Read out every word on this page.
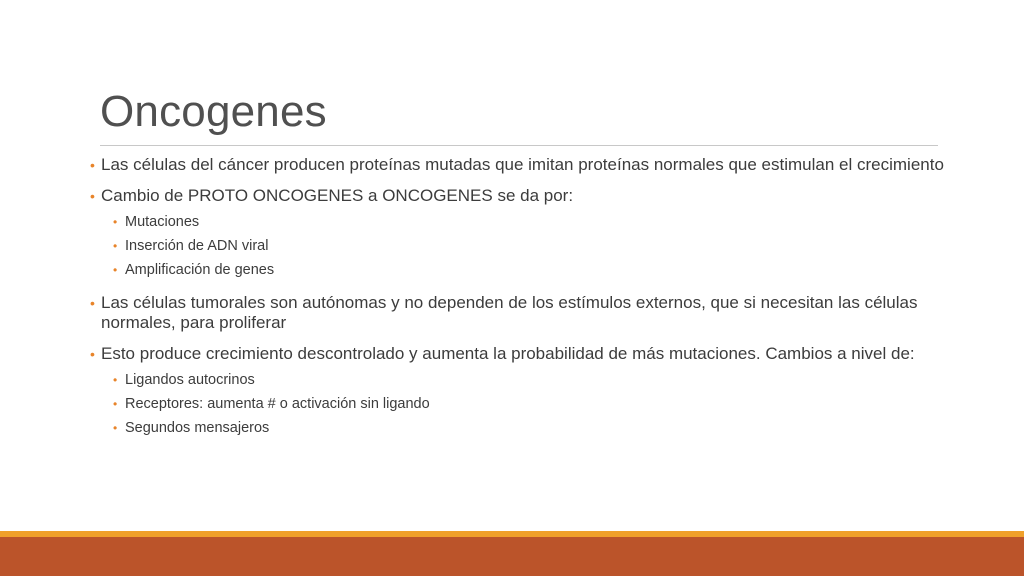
Oncogenes
• Las células del cáncer producen proteínas mutadas que imitan proteínas normales que estimulan el crecimiento
• Cambio de PROTO ONCOGENES a ONCOGENES se da por:
• Mutaciones
• Inserción de ADN viral
• Amplificación de genes
• Las células tumorales son autónomas y no dependen de los estímulos externos, que si necesitan las células normales, para proliferar
• Esto produce crecimiento descontrolado y aumenta la probabilidad de más mutaciones. Cambios a nivel de:
• Ligandos autocrinos
• Receptores: aumenta # o activación sin ligando
• Segundos mensajeros
